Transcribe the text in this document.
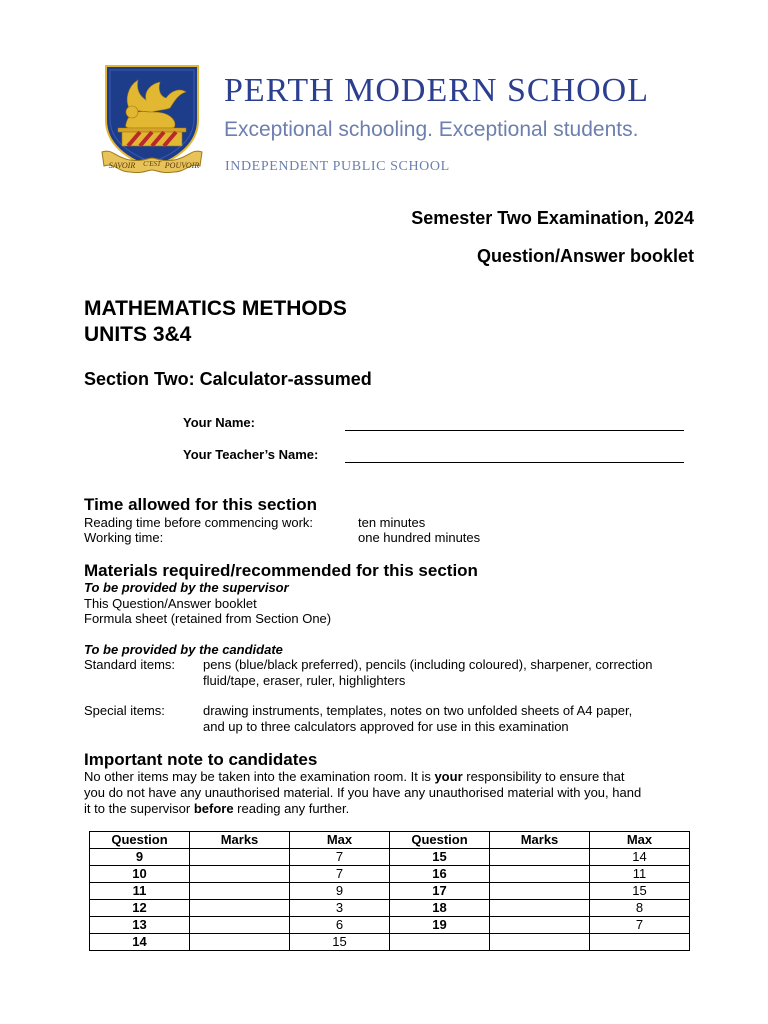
SAVOIR C'EST POUVOIR
PERTH MODERN SCHOOL
Exceptional schooling. Exceptional students.
INDEPENDENT PUBLIC SCHOOL
Semester Two Examination, 2024
Question/Answer booklet
MATHEMATICS METHODS
UNITS 3&4
Section Two: Calculator-assumed
Your Name:
Your Teacher’s Name:
Time allowed for this section
Reading time before commencing work:	ten minutes
Working time:	one hundred minutes
Materials required/recommended for this section
To be provided by the supervisor
This Question/Answer booklet
Formula sheet (retained from Section One)
To be provided by the candidate
Standard items: pens (blue/black preferred), pencils (including coloured), sharpener, correction
fluid/tape, eraser, ruler, highlighters
Special items:	drawing instruments, templates, notes on two unfolded sheets of A4 paper,
and up to three calculators approved for use in this examination
Important note to candidates
No other items may be taken into the examination room. It is your responsibility to ensure that
you do not have any unauthorised material. If you have any unauthorised material with you, hand
it to the supervisor before reading any further.
Question	Marks	Max	Question	Marks	Max
9		7	15		14
10		7	16		11
11		9	17		15
12		3	18		8
13		6	19		7
14		15			
